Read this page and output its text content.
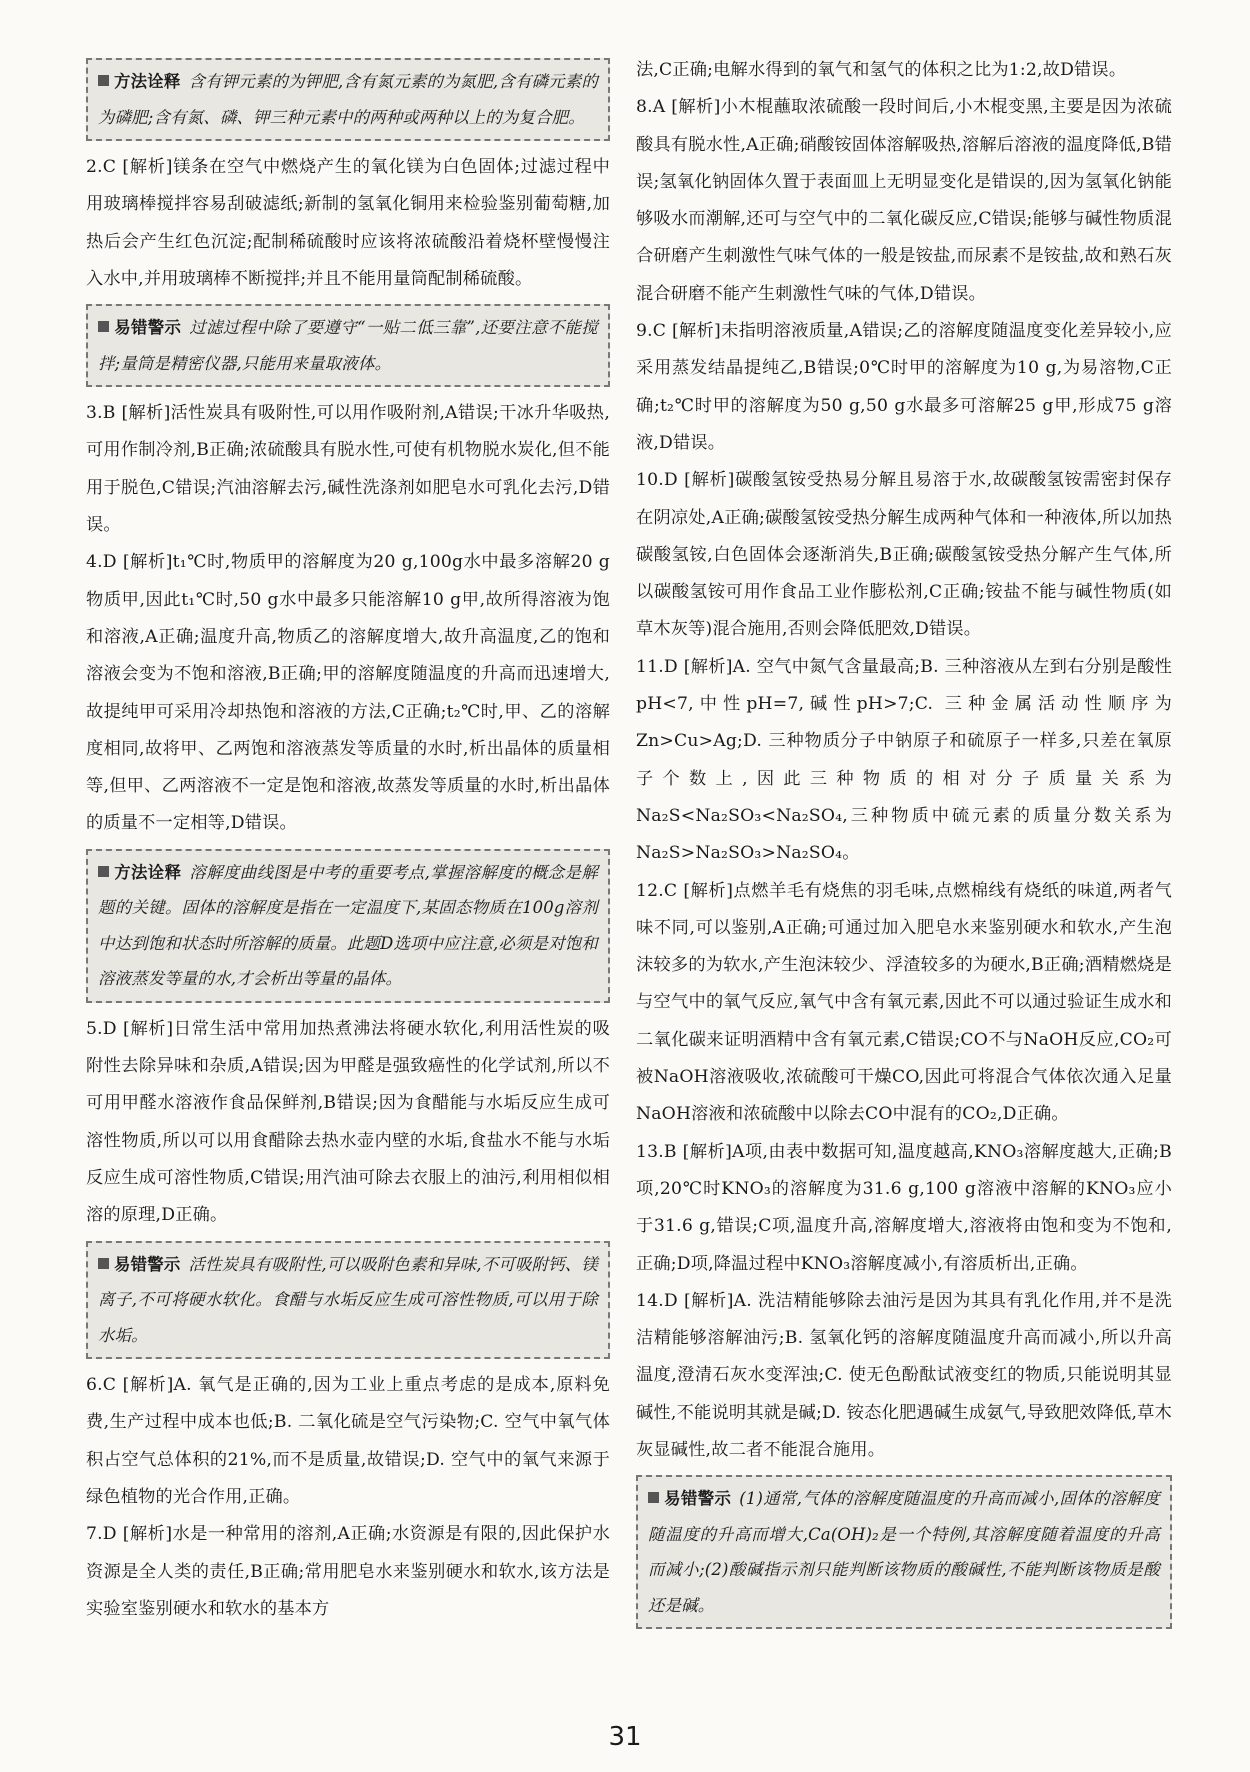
方法诠释 含有钾元素的为钾肥,含有氮元素的为氮肥,含有磷元素的为磷肥;含有氮、磷、钾三种元素中的两种或两种以上的为复合肥。

2.C [解析]镁条在空气中燃烧产生的氧化镁为白色固体;过滤过程中用玻璃棒搅拌容易刮破滤纸;新制的氢氧化铜用来检验鉴别葡萄糖,加热后会产生红色沉淀;配制稀硫酸时应该将浓硫酸沿着烧杯壁慢慢注入水中,并用玻璃棒不断搅拌;并且不能用量筒配制稀硫酸。

易错警示 过滤过程中除了要遵守“一贴二低三靠”,还要注意不能搅拌;量筒是精密仪器,只能用来量取液体。

3.B [解析]活性炭具有吸附性,可以用作吸附剂,A错误;干冰升华吸热,可用作制冷剂,B正确;浓硫酸具有脱水性,可使有机物脱水炭化,但不能用于脱色,C错误;汽油溶解去污,碱性洗涤剂如肥皂水可乳化去污,D错误。

4.D [解析]t₁℃时,物质甲的溶解度为20 g,100g水中最多溶解20 g物质甲,因此t₁℃时,50 g水中最多只能溶解10 g甲,故所得溶液为饱和溶液,A正确;温度升高,物质乙的溶解度增大,故升高温度,乙的饱和溶液会变为不饱和溶液,B正确;甲的溶解度随温度的升高而迅速增大,故提纯甲可采用冷却热饱和溶液的方法,C正确;t₂℃时,甲、乙的溶解度相同,故将甲、乙两饱和溶液蒸发等质量的水时,析出晶体的质量相等,但甲、乙两溶液不一定是饱和溶液,故蒸发等质量的水时,析出晶体的质量不一定相等,D错误。

方法诠释 溶解度曲线图是中考的重要考点,掌握溶解度的概念是解题的关键。固体的溶解度是指在一定温度下,某固态物质在100g溶剂中达到饱和状态时所溶解的质量。此题D选项中应注意,必须是对饱和溶液蒸发等量的水,才会析出等量的晶体。

5.D [解析]日常生活中常用加热煮沸法将硬水软化,利用活性炭的吸附性去除异味和杂质,A错误;因为甲醛是强致癌性的化学试剂,所以不可用甲醛水溶液作食品保鲜剂,B错误;因为食醋能与水垢反应生成可溶性物质,所以可以用食醋除去热水壶内壁的水垢,食盐水不能与水垢反应生成可溶性物质,C错误;用汽油可除去衣服上的油污,利用相似相溶的原理,D正确。

易错警示 活性炭具有吸附性,可以吸附色素和异味,不可吸附钙、镁离子,不可将硬水软化。食醋与水垢反应生成可溶性物质,可以用于除水垢。

6.C [解析]A. 氧气是正确的,因为工业上重点考虑的是成本,原料免费,生产过程中成本也低;B. 二氧化硫是空气污染物;C. 空气中氧气体积占空气总体积的21%,而不是质量,故错误;D. 空气中的氧气来源于绿色植物的光合作用,正确。

7.D [解析]水是一种常用的溶剂,A正确;水资源是有限的,因此保护水资源是全人类的责任,B正确;常用肥皂水来鉴别硬水和软水,该方法是实验室鉴别硬水和软水的基本方

法,C正确;电解水得到的氧气和氢气的体积之比为1:2,故D错误。

8.A [解析]小木棍蘸取浓硫酸一段时间后,小木棍变黑,主要是因为浓硫酸具有脱水性,A正确;硝酸铵固体溶解吸热,溶解后溶液的温度降低,B错误;氢氧化钠固体久置于表面皿上无明显变化是错误的,因为氢氧化钠能够吸水而潮解,还可与空气中的二氧化碳反应,C错误;能够与碱性物质混合研磨产生刺激性气味气体的一般是铵盐,而尿素不是铵盐,故和熟石灰混合研磨不能产生刺激性气味的气体,D错误。

9.C [解析]未指明溶液质量,A错误;乙的溶解度随温度变化差异较小,应采用蒸发结晶提纯乙,B错误;0℃时甲的溶解度为10 g,为易溶物,C正确;t₂℃时甲的溶解度为50 g,50 g水最多可溶解25 g甲,形成75 g溶液,D错误。

10.D [解析]碳酸氢铵受热易分解且易溶于水,故碳酸氢铵需密封保存在阴凉处,A正确;碳酸氢铵受热分解生成两种气体和一种液体,所以加热碳酸氢铵,白色固体会逐渐消失,B正确;碳酸氢铵受热分解产生气体,所以碳酸氢铵可用作食品工业作膨松剂,C正确;铵盐不能与碱性物质(如草木灰等)混合施用,否则会降低肥效,D错误。

11.D [解析]A. 空气中氮气含量最高;B. 三种溶液从左到右分别是酸性pH<7,中性pH=7,碱性pH>7;C. 三种金属活动性顺序为Zn>Cu>Ag;D. 三种物质分子中钠原子和硫原子一样多,只差在氧原子个数上,因此三种物质的相对分子质量关系为Na₂S<Na₂SO₃<Na₂SO₄,三种物质中硫元素的质量分数关系为Na₂S>Na₂SO₃>Na₂SO₄。

12.C [解析]点燃羊毛有烧焦的羽毛味,点燃棉线有烧纸的味道,两者气味不同,可以鉴别,A正确;可通过加入肥皂水来鉴别硬水和软水,产生泡沫较多的为软水,产生泡沫较少、浮渣较多的为硬水,B正确;酒精燃烧是与空气中的氧气反应,氧气中含有氧元素,因此不可以通过验证生成水和二氧化碳来证明酒精中含有氧元素,C错误;CO不与NaOH反应,CO₂可被NaOH溶液吸收,浓硫酸可干燥CO,因此可将混合气体依次通入足量NaOH溶液和浓硫酸中以除去CO中混有的CO₂,D正确。

13.B [解析]A项,由表中数据可知,温度越高,KNO₃溶解度越大,正确;B项,20℃时KNO₃的溶解度为31.6 g,100 g溶液中溶解的KNO₃应小于31.6 g,错误;C项,温度升高,溶解度增大,溶液将由饱和变为不饱和,正确;D项,降温过程中KNO₃溶解度减小,有溶质析出,正确。

14.D [解析]A. 洗洁精能够除去油污是因为其具有乳化作用,并不是洗洁精能够溶解油污;B. 氢氧化钙的溶解度随温度升高而减小,所以升高温度,澄清石灰水变浑浊;C. 使无色酚酞试液变红的物质,只能说明其显碱性,不能说明其就是碱;D. 铵态化肥遇碱生成氨气,导致肥效降低,草木灰显碱性,故二者不能混合施用。

易错警示 (1)通常,气体的溶解度随温度的升高而减小,固体的溶解度随温度的升高而增大,Ca(OH)₂是一个特例,其溶解度随着温度的升高而减小;(2)酸碱指示剂只能判断该物质的酸碱性,不能判断该物质是酸还是碱。

31
